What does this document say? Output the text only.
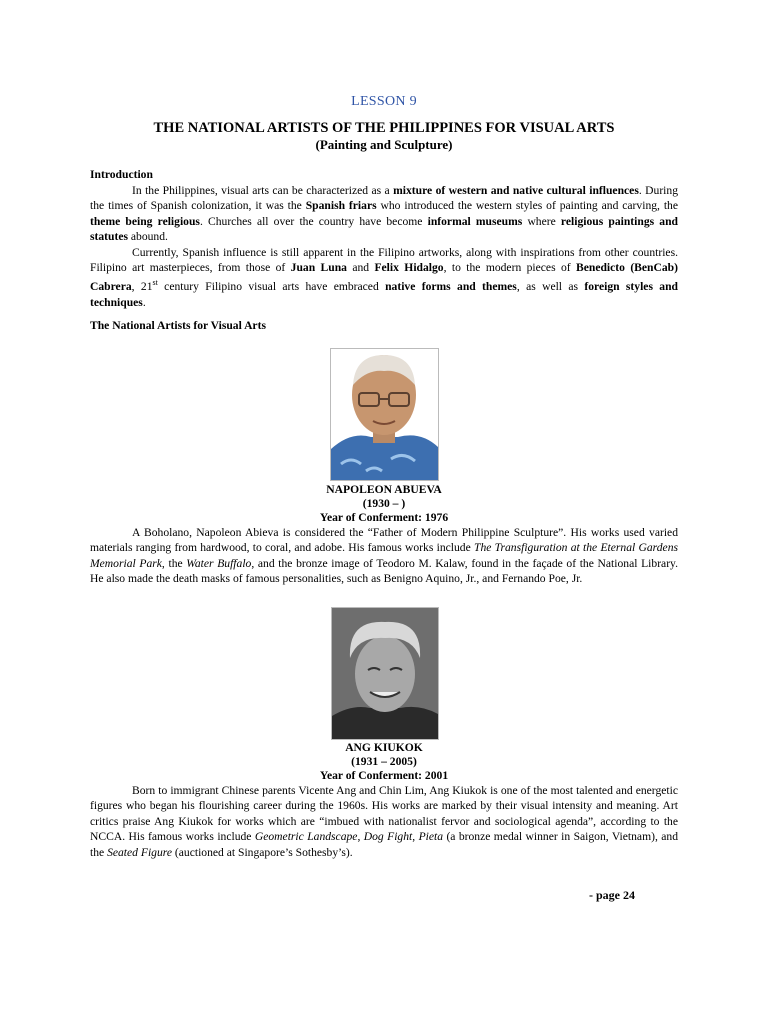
LESSON 9
THE NATIONAL ARTISTS OF THE PHILIPPINES FOR VISUAL ARTS
(Painting and Sculpture)
Introduction

In the Philippines, visual arts can be characterized as a mixture of western and native cultural influences. During the times of Spanish colonization, it was the Spanish friars who introduced the western styles of painting and carving, the theme being religious. Churches all over the country have become informal museums where religious paintings and statutes abound.

Currently, Spanish influence is still apparent in the Filipino artworks, along with inspirations from other countries. Filipino art masterpieces, from those of Juan Luna and Felix Hidalgo, to the modern pieces of Benedicto (BenCab) Cabrera, 21st century Filipino visual arts have embraced native forms and themes, as well as foreign styles and techniques.

The National Artists for Visual Arts
NAPOLEON ABUEVA
(1930 – )
Year of Conferment: 1976

A Boholano, Napoleon Abieva is considered the “Father of Modern Philippine Sculpture”. His works used varied materials ranging from hardwood, to coral, and adobe. His famous works include The Transfiguration at the Eternal Gardens Memorial Park, the Water Buffalo, and the bronze image of Teodoro M. Kalaw, found in the façade of the National Library. He also made the death masks of famous personalities, such as Benigno Aquino, Jr., and Fernando Poe, Jr.

ANG KIUKOK
(1931 – 2005)
Year of Conferment: 2001

Born to immigrant Chinese parents Vicente Ang and Chin Lim, Ang Kiukok is one of the most talented and energetic figures who began his flourishing career during the 1960s. His works are marked by their visual intensity and meaning. Art critics praise Ang Kiukok for works which are “imbued with nationalist fervor and sociological agenda”, according to the NCCA. His famous works include Geometric Landscape, Dog Fight, Pieta (a bronze medal winner in Saigon, Vietnam), and the Seated Figure (auctioned at Singapore’s Sothesby’s).

- page 24
